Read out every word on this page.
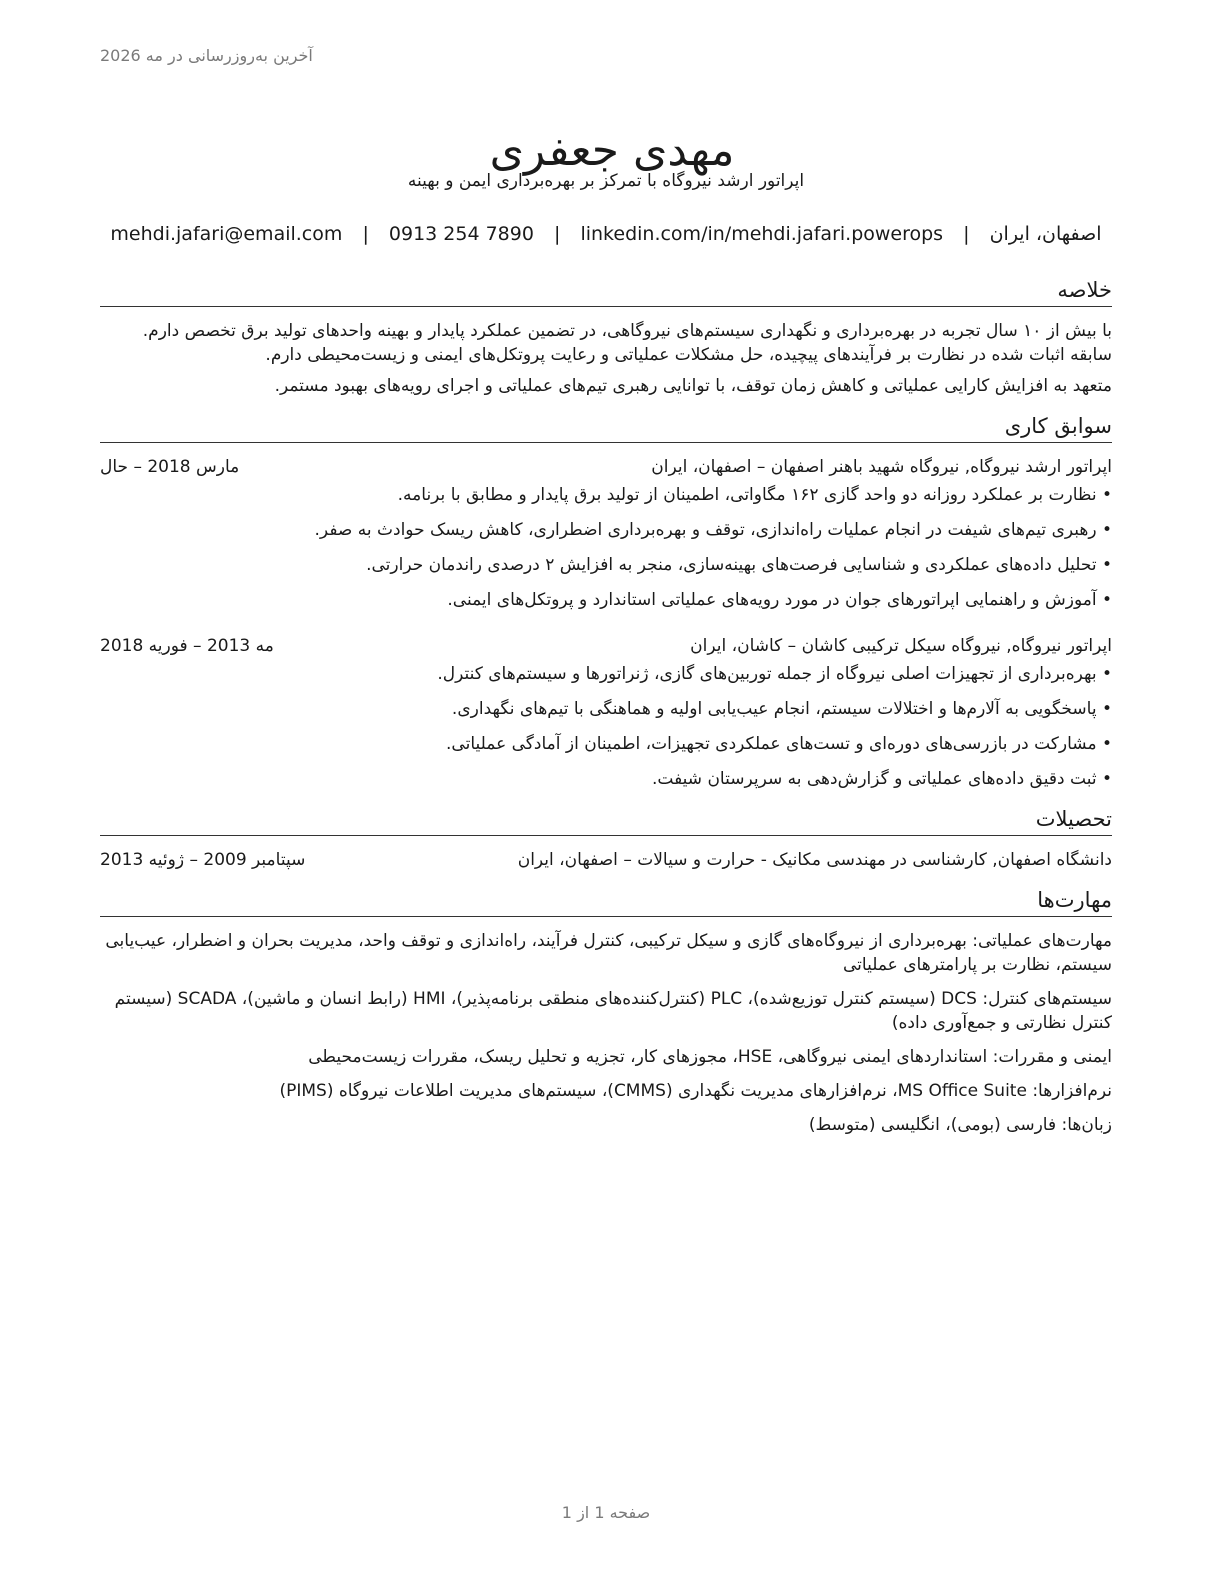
آخرین به‌روزرسانی در مه 2026
مهدی جعفری
اپراتور ارشد نیروگاه با تمرکز بر بهره‌برداری ایمن و بهینه
اصفهان، ایران | mehdi.jafari@email.com | 0913 254 7890 | linkedin.com/in/mehdi.jafari.powerops
خلاصه

با بیش از ۱۰ سال تجربه در بهره‌برداری و نگهداری سیستم‌های نیروگاهی، در تضمین عملکرد پایدار و بهینه واحدهای تولید برق تخصص دارم. سابقه اثبات شده در نظارت بر فرآیندهای پیچیده، حل مشکلات عملیاتی و رعایت پروتکل‌های ایمنی و زیست‌محیطی دارم.

متعهد به افزایش کارایی عملیاتی و کاهش زمان توقف، با توانایی رهبری تیم‌های عملیاتی و اجرای رویه‌های بهبود مستمر.

سوابق کاری
اپراتور ارشد نیروگاه, نیروگاه شهید باهنر اصفهان – اصفهان، ایران
مارس 2018 – حال
• نظارت بر عملکرد روزانه دو واحد گازی ۱۶۲ مگاواتی، اطمینان از تولید برق پایدار و مطابق با برنامه.
• رهبری تیم‌های شیفت در انجام عملیات راه‌اندازی، توقف و بهره‌برداری اضطراری، کاهش ریسک حوادث به صفر.
• تحلیل داده‌های عملکردی و شناسایی فرصت‌های بهینه‌سازی، منجر به افزایش ۲ درصدی راندمان حرارتی.
• آموزش و راهنمایی اپراتورهای جوان در مورد رویه‌های عملیاتی استاندارد و پروتکل‌های ایمنی.
اپراتور نیروگاه, نیروگاه سیکل ترکیبی کاشان – کاشان، ایران
مه 2013 – فوریه 2018
• بهره‌برداری از تجهیزات اصلی نیروگاه از جمله توربین‌های گازی، ژنراتورها و سیستم‌های کنترل.
• پاسخگویی به آلارم‌ها و اختلالات سیستم، انجام عیب‌یابی اولیه و هماهنگی با تیم‌های نگهداری.
• مشارکت در بازرسی‌های دوره‌ای و تست‌های عملکردی تجهیزات، اطمینان از آمادگی عملیاتی.
• ثبت دقیق داده‌های عملیاتی و گزارش‌دهی به سرپرستان شیفت.
تحصیلات
دانشگاه اصفهان, کارشناسی در مهندسی مکانیک - حرارت و سیالات – اصفهان، ایران
سپتامبر 2009 – ژوئیه 2013
مهارت‌ها

مهارت‌های عملیاتی: بهره‌برداری از نیروگاه‌های گازی و سیکل ترکیبی، کنترل فرآیند، راه‌اندازی و توقف واحد، مدیریت بحران و اضطرار، عیب‌یابی سیستم، نظارت بر پارامترهای عملیاتی

سیستم‌های کنترل: DCS (سیستم کنترل توزیع‌شده)، PLC (کنترل‌کننده‌های منطقی برنامه‌پذیر)، HMI (رابط انسان و ماشین)، SCADA (سیستم کنترل نظارتی و جمع‌آوری داده)

ایمنی و مقررات: استانداردهای ایمنی نیروگاهی، HSE، مجوزهای کار، تجزیه و تحلیل ریسک، مقررات زیست‌محیطی

نرم‌افزارها: MS Office Suite، نرم‌افزارهای مدیریت نگهداری (CMMS)، سیستم‌های مدیریت اطلاعات نیروگاه (PIMS)

زبان‌ها: فارسی (بومی)، انگلیسی (متوسط)

صفحه 1 از 1
